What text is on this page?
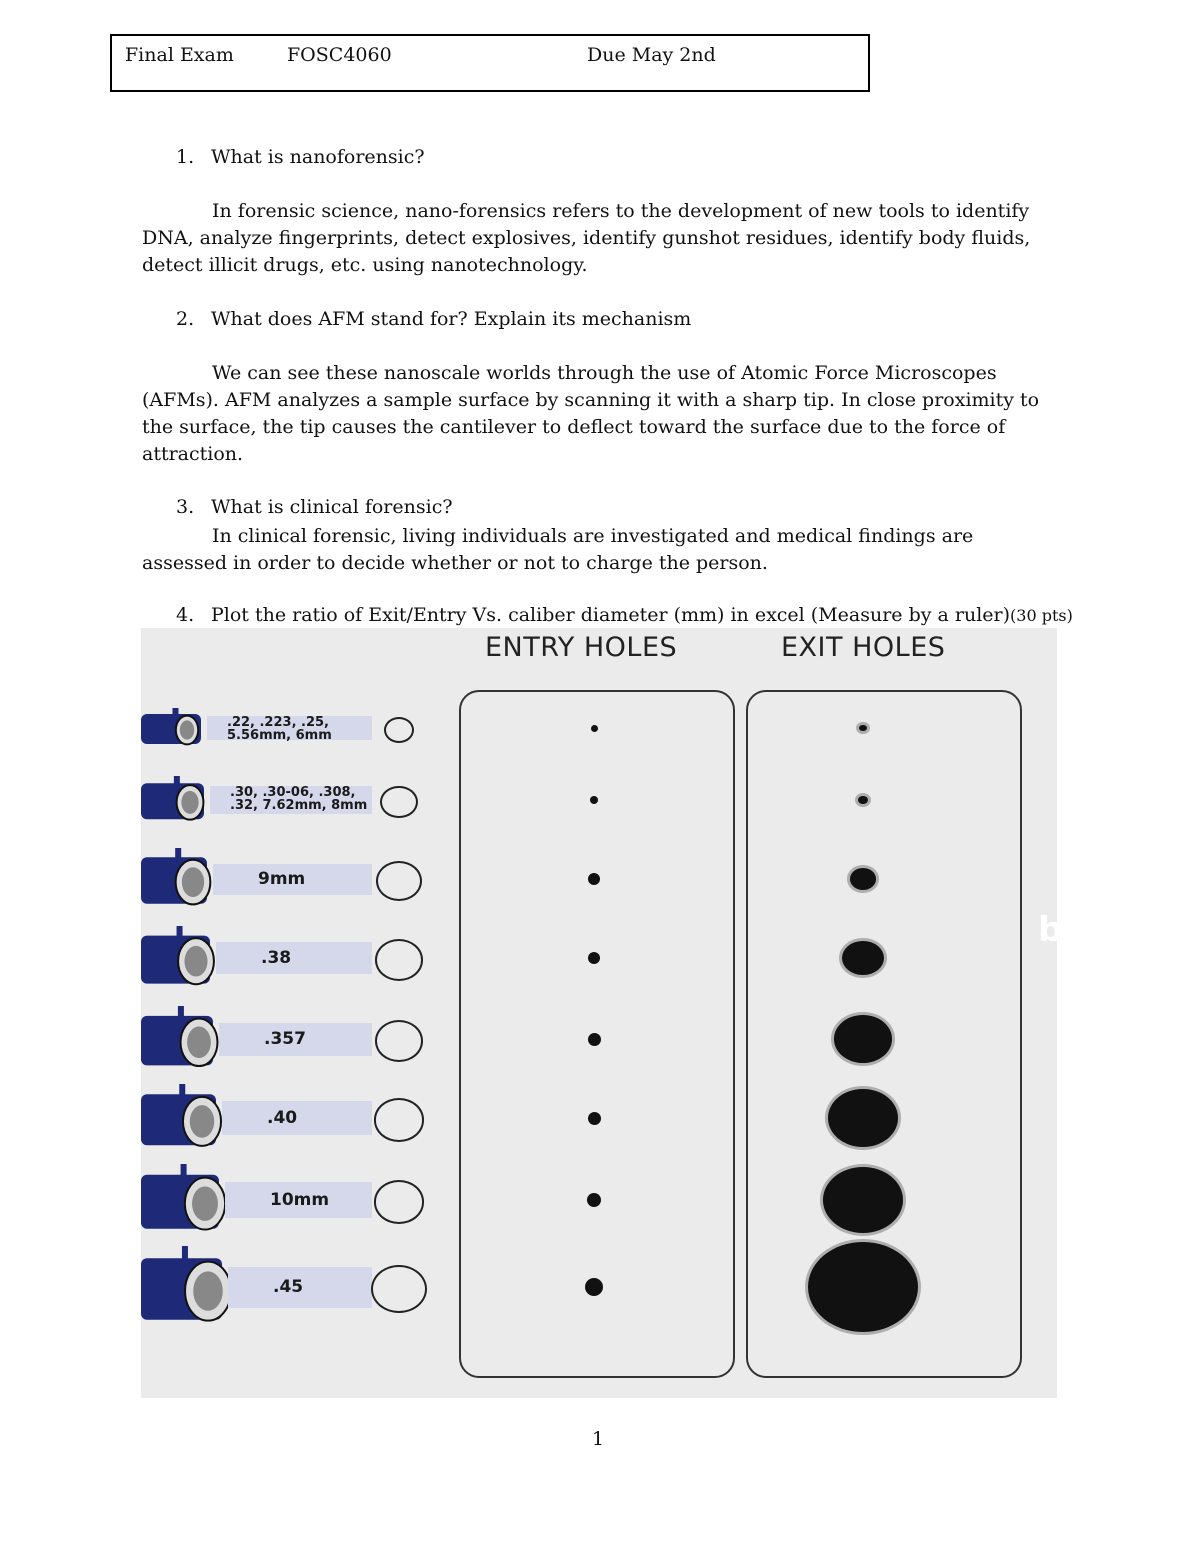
Final Exam	FOSC4060	Due May 2nd
1. What is nanoforensic?
In forensic science, nano-forensics refers to the development of new tools to identify DNA, analyze fingerprints, detect explosives, identify gunshot residues, identify body fluids, detect illicit drugs, etc. using nanotechnology.
2. What does AFM stand for? Explain its mechanism
We can see these nanoscale worlds through the use of Atomic Force Microscopes (AFMs). AFM analyzes a sample surface by scanning it with a sharp tip. In close proximity to the surface, the tip causes the cantilever to deflect toward the surface due to the force of attraction.
3. What is clinical forensic?
In clinical forensic, living individuals are investigated and medical findings are assessed in order to decide whether or not to charge the person.
4. Plot the ratio of Exit/Entry Vs. caliber diameter (mm) in excel (Measure by a ruler)(30 pts)
ENTRY HOLES	EXIT HOLES
.22, .223, .25,
5.56mm, 6mm
.30, .30-06, .308,
.32, 7.62mm, 8mm
9mm
.38
.357
.40
10mm
.45
b
1
